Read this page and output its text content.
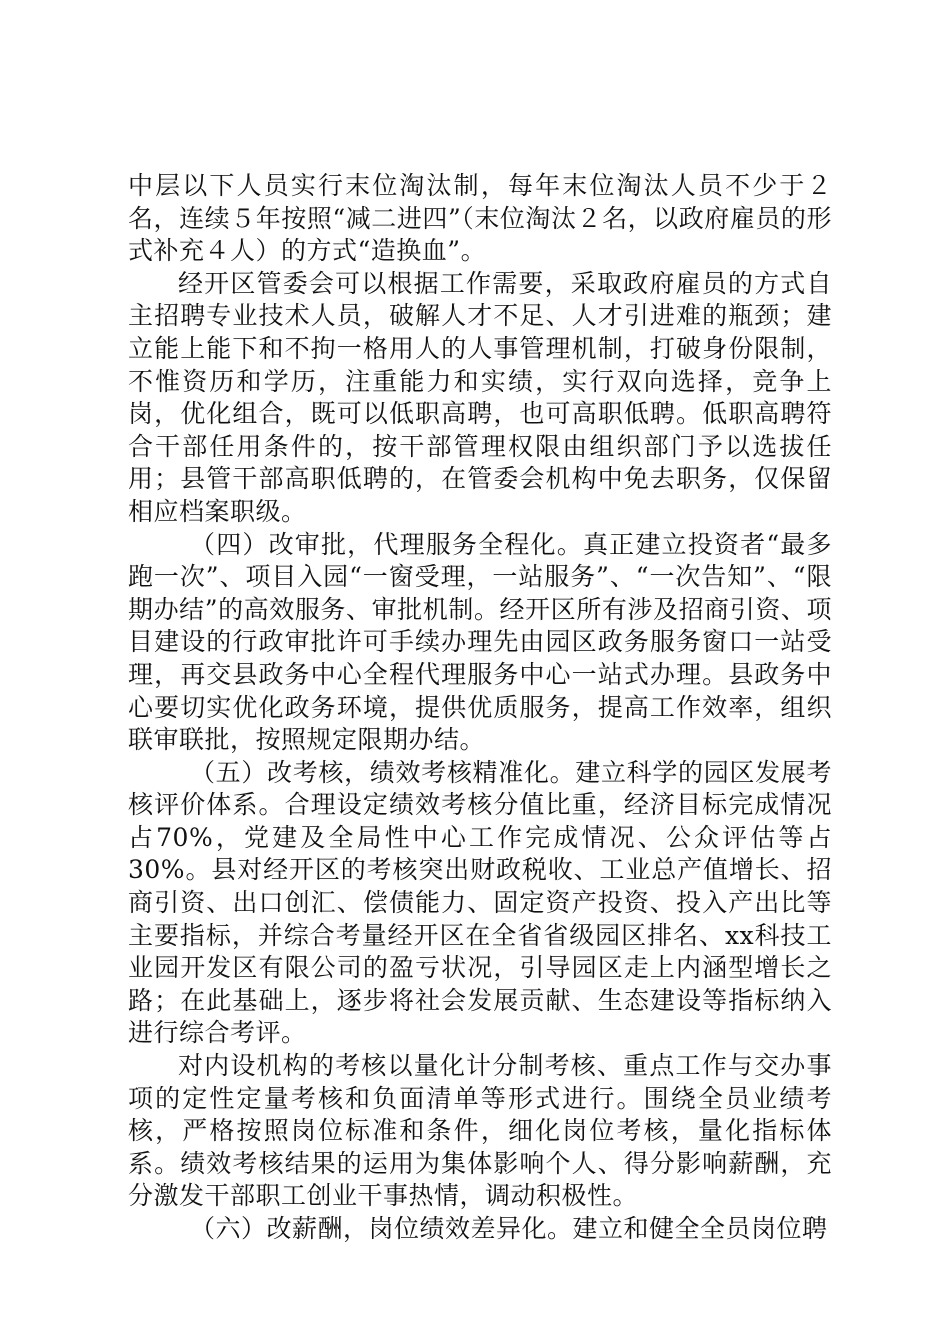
中层以下人员实行末位淘汰制，每年末位淘汰人员不少于２名，连续５年按照“减二进四”（末位淘汰２名，以政府雇员的形式补充４人）的方式“造换血”。

经开区管委会可以根据工作需要，采取政府雇员的方式自主招聘专业技术人员，破解人才不足、人才引进难的瓶颈；建立能上能下和不拘一格用人的人事管理机制，打破身份限制，不惟资历和学历，注重能力和实绩，实行双向选择，竞争上岗，优化组合，既可以低职高聘，也可高职低聘。低职高聘符合干部任用条件的，按干部管理权限由组织部门予以选拔任用；县管干部高职低聘的，在管委会机构中免去职务，仅保留相应档案职级。

（四）改审批，代理服务全程化。真正建立投资者“最多跑一次”、项目入园“一窗受理，一站服务”、“一次告知”、“限期办结”的高效服务、审批机制。经开区所有涉及招商引资、项目建设的行政审批许可手续办理先由园区政务服务窗口一站受理，再交县政务中心全程代理服务中心一站式办理。县政务中心要切实优化政务环境，提供优质服务，提高工作效率，组织联审联批，按照规定限期办结。

（五）改考核，绩效考核精准化。建立科学的园区发展考核评价体系。合理设定绩效考核分值比重，经济目标完成情况占70%，党建及全局性中心工作完成情况、公众评估等占30%。县对经开区的考核突出财政税收、工业总产值增长、招商引资、出口创汇、偿债能力、固定资产投资、投入产出比等主要指标，并综合考量经开区在全省省级园区排名、xx科技工业园开发区有限公司的盈亏状况，引导园区走上内涵型增长之路；在此基础上，逐步将社会发展贡献、生态建设等指标纳入进行综合考评。

对内设机构的考核以量化计分制考核、重点工作与交办事项的定性定量考核和负面清单等形式进行。围绕全员业绩考核，严格按照岗位标准和条件，细化岗位考核，量化指标体系。绩效考核结果的运用为集体影响个人、得分影响薪酬，充分激发干部职工创业干事热情，调动积极性。

（六）改薪酬，岗位绩效差异化。建立和健全全员岗位聘
